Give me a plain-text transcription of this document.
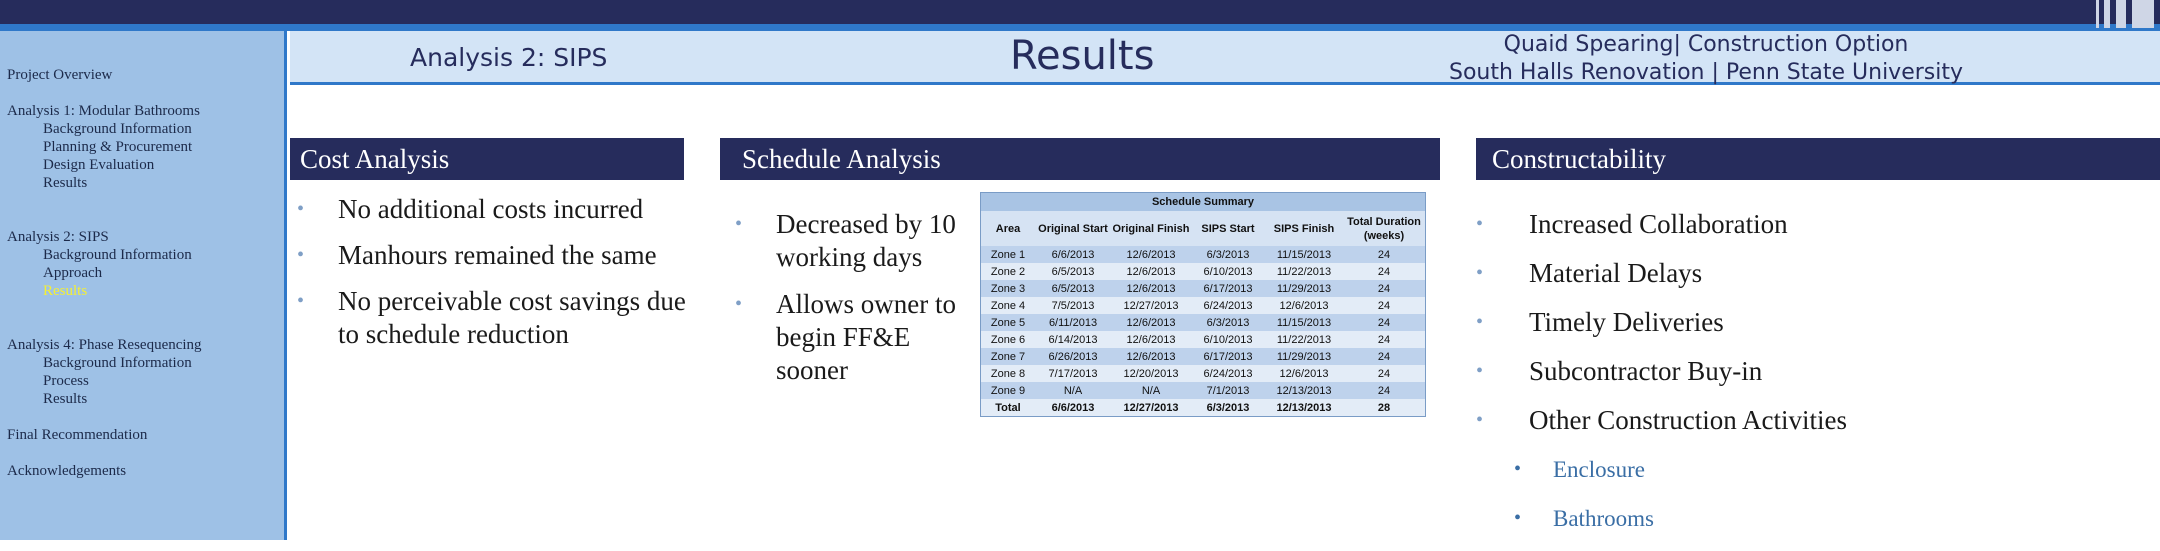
Project Overview
Analysis 1: Modular Bathrooms
Background Information
Planning & Procurement
Design Evaluation
Results
Analysis 2: SIPS
Background Information
Approach
Results
Analysis 4: Phase Resequencing
Background Information
Process
Results
Final Recommendation
Acknowledgements
Analysis 2: SIPS	Results	Quaid Spearing| Construction Option
South Halls Renovation | Penn State University
Cost Analysis
• No additional costs incurred
• Manhours remained the same
• No perceivable cost savings due to schedule reduction
Schedule Analysis
• Decreased by 10 working days
• Allows owner to begin FF&E sooner
Schedule Summary					
Area	Original Start	Original Finish	SIPS Start	SIPS Finish	Total Duration (weeks)
Zone 1	6/6/2013	12/6/2013	6/3/2013	11/15/2013	24
Zone 2	6/5/2013	12/6/2013	6/10/2013	11/22/2013	24
Zone 3	6/5/2013	12/6/2013	6/17/2013	11/29/2013	24
Zone 4	7/5/2013	12/27/2013	6/24/2013	12/6/2013	24
Zone 5	6/11/2013	12/6/2013	6/3/2013	11/15/2013	24
Zone 6	6/14/2013	12/6/2013	6/10/2013	11/22/2013	24
Zone 7	6/26/2013	12/6/2013	6/17/2013	11/29/2013	24
Zone 8	7/17/2013	12/20/2013	6/24/2013	12/6/2013	24
Zone 9	N/A	N/A	7/1/2013	12/13/2013	24
Total	6/6/2013	12/27/2013	6/3/2013	12/13/2013	28
Constructability
• Increased Collaboration
• Material Delays
• Timely Deliveries
• Subcontractor Buy-in
• Other Construction Activities
• Enclosure
• Bathrooms
